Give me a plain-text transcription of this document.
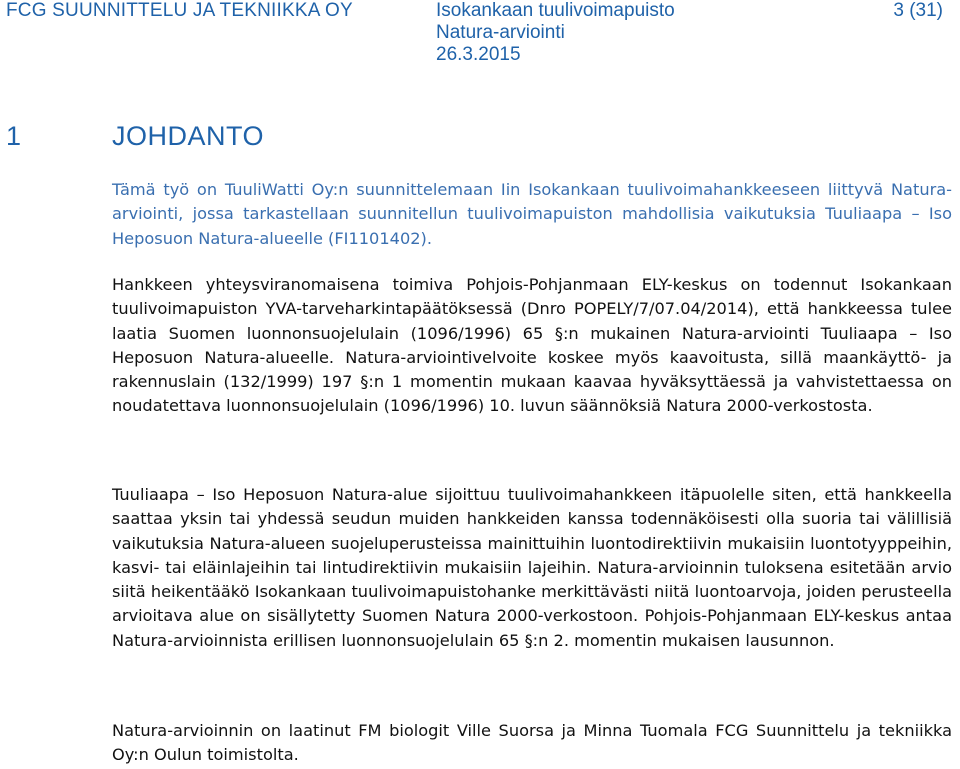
FCG SUUNNITTELU JA TEKNIIKKA OY	Isokankaan tuulivoimapuisto
Natura-arviointi
26.3.2015
3 (31)
1	JOHDANTO

Tämä työ on TuuliWatti Oy:n suunnittelemaan Iin Isokankaan tuulivoimahankkeeseen liittyvä Natura-arviointi, jossa tarkastellaan suunnitellun tuulivoimapuiston mahdollisia vaikutuksia Tuuliaapa – Iso Heposuon Natura-alueelle (FI1101402).

Hankkeen yhteysviranomaisena toimiva Pohjois-Pohjanmaan ELY-keskus on todennut Isokankaan tuulivoimapuiston YVA-tarveharkintapäätöksessä (Dnro POPELY/7/07.04/2014), että hankkeessa tulee laatia Suomen luonnonsuojelulain (1096/1996) 65 §:n mukainen Natura-arviointi Tuuliaapa – Iso Heposuon Natura-alueelle. Natura-arviointivelvoite koskee myös kaavoitusta, sillä maankäyttö- ja rakennuslain (132/1999) 197 §:n 1 momentin mukaan kaavaa hyväksyttäessä ja vahvistettaessa on noudatettava luonnonsuojelulain (1096/1996) 10. luvun säännöksiä Natura 2000-verkostosta.

Tuuliaapa – Iso Heposuon Natura-alue sijoittuu tuulivoimahankkeen itäpuolelle siten, että hankkeella saattaa yksin tai yhdessä seudun muiden hankkeiden kanssa todennäköisesti olla suoria tai välillisiä vaikutuksia Natura-alueen suojeluperusteissa mainittuihin luontodirektiivin mukaisiin luontotyyppeihin, kasvi- tai eläinlajeihin tai lintudirektiivin mukaisiin lajeihin. Natura-arvioinnin tuloksena esitetään arvio siitä heikentääkö Isokankaan tuulivoimapuistohanke merkittävästi niitä luontoarvoja, joiden perusteella arvioitava alue on sisällytetty Suomen Natura 2000-verkostoon. Pohjois-Pohjanmaan ELY-keskus antaa Natura-arvioinnista erillisen luonnonsuojelulain 65 §:n 2. momentin mukaisen lausunnon.

Natura-arvioinnin on laatinut FM biologit Ville Suorsa ja Minna Tuomala FCG Suunnittelu ja tekniikka Oy:n Oulun toimistolta.
